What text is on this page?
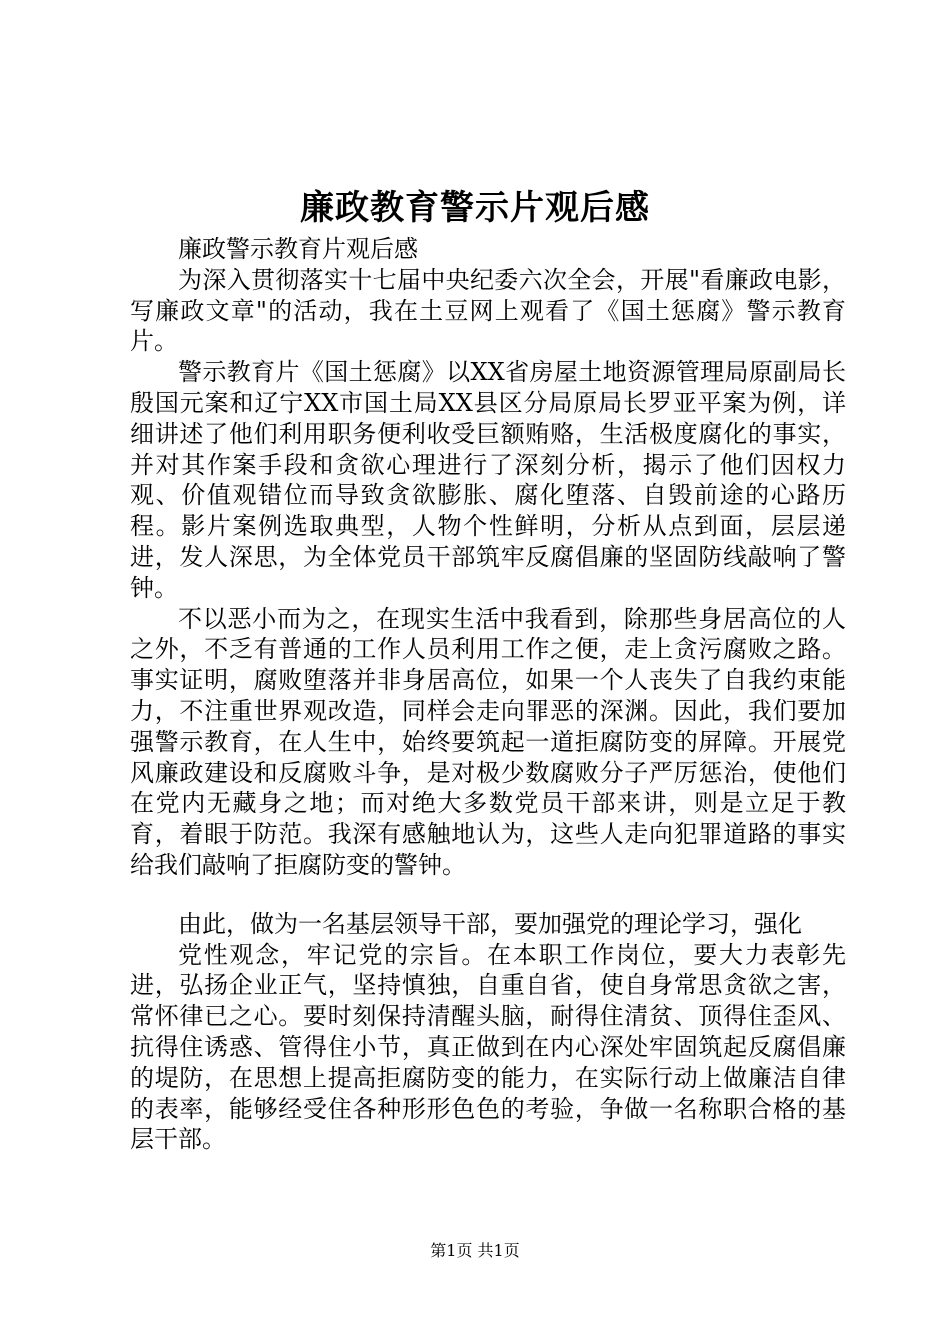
廉政教育警示片观后感

廉政警示教育片观后感

为深入贯彻落实十七届中央纪委六次全会，开展"看廉政电影，写廉政文章"的活动，我在土豆网上观看了《国土惩腐》警示教育片。

警示教育片《国土惩腐》以XX省房屋土地资源管理局原副局长殷国元案和辽宁XX市国土局XX县区分局原局长罗亚平案为例，详细讲述了他们利用职务便利收受巨额贿赂，生活极度腐化的事实，并对其作案手段和贪欲心理进行了深刻分析，揭示了他们因权力观、价值观错位而导致贪欲膨胀、腐化堕落、自毁前途的心路历程。影片案例选取典型，人物个性鲜明，分析从点到面，层层递进，发人深思，为全体党员干部筑牢反腐倡廉的坚固防线敲响了警钟。

不以恶小而为之，在现实生活中我看到，除那些身居高位的人之外，不乏有普通的工作人员利用工作之便，走上贪污腐败之路。事实证明，腐败堕落并非身居高位，如果一个人丧失了自我约束能力，不注重世界观改造，同样会走向罪恶的深渊。因此，我们要加强警示教育，在人生中，始终要筑起一道拒腐防变的屏障。开展党风廉政建设和反腐败斗争，是对极少数腐败分子严厉惩治，使他们在党内无藏身之地；而对绝大多数党员干部来讲，则是立足于教育，着眼于防范。我深有感触地认为，这些人走向犯罪道路的事实给我们敲响了拒腐防变的警钟。

由此，做为一名基层领导干部，要加强党的理论学习，强化

党性观念，牢记党的宗旨。在本职工作岗位，要大力表彰先进，弘扬企业正气，坚持慎独，自重自省，使自身常思贪欲之害，常怀律已之心。要时刻保持清醒头脑，耐得住清贫、顶得住歪风、抗得住诱惑、管得住小节，真正做到在内心深处牢固筑起反腐倡廉的堤防，在思想上提高拒腐防变的能力，在实际行动上做廉洁自律的表率，能够经受住各种形形色色的考验，争做一名称职合格的基层干部。

第1页 共1页
